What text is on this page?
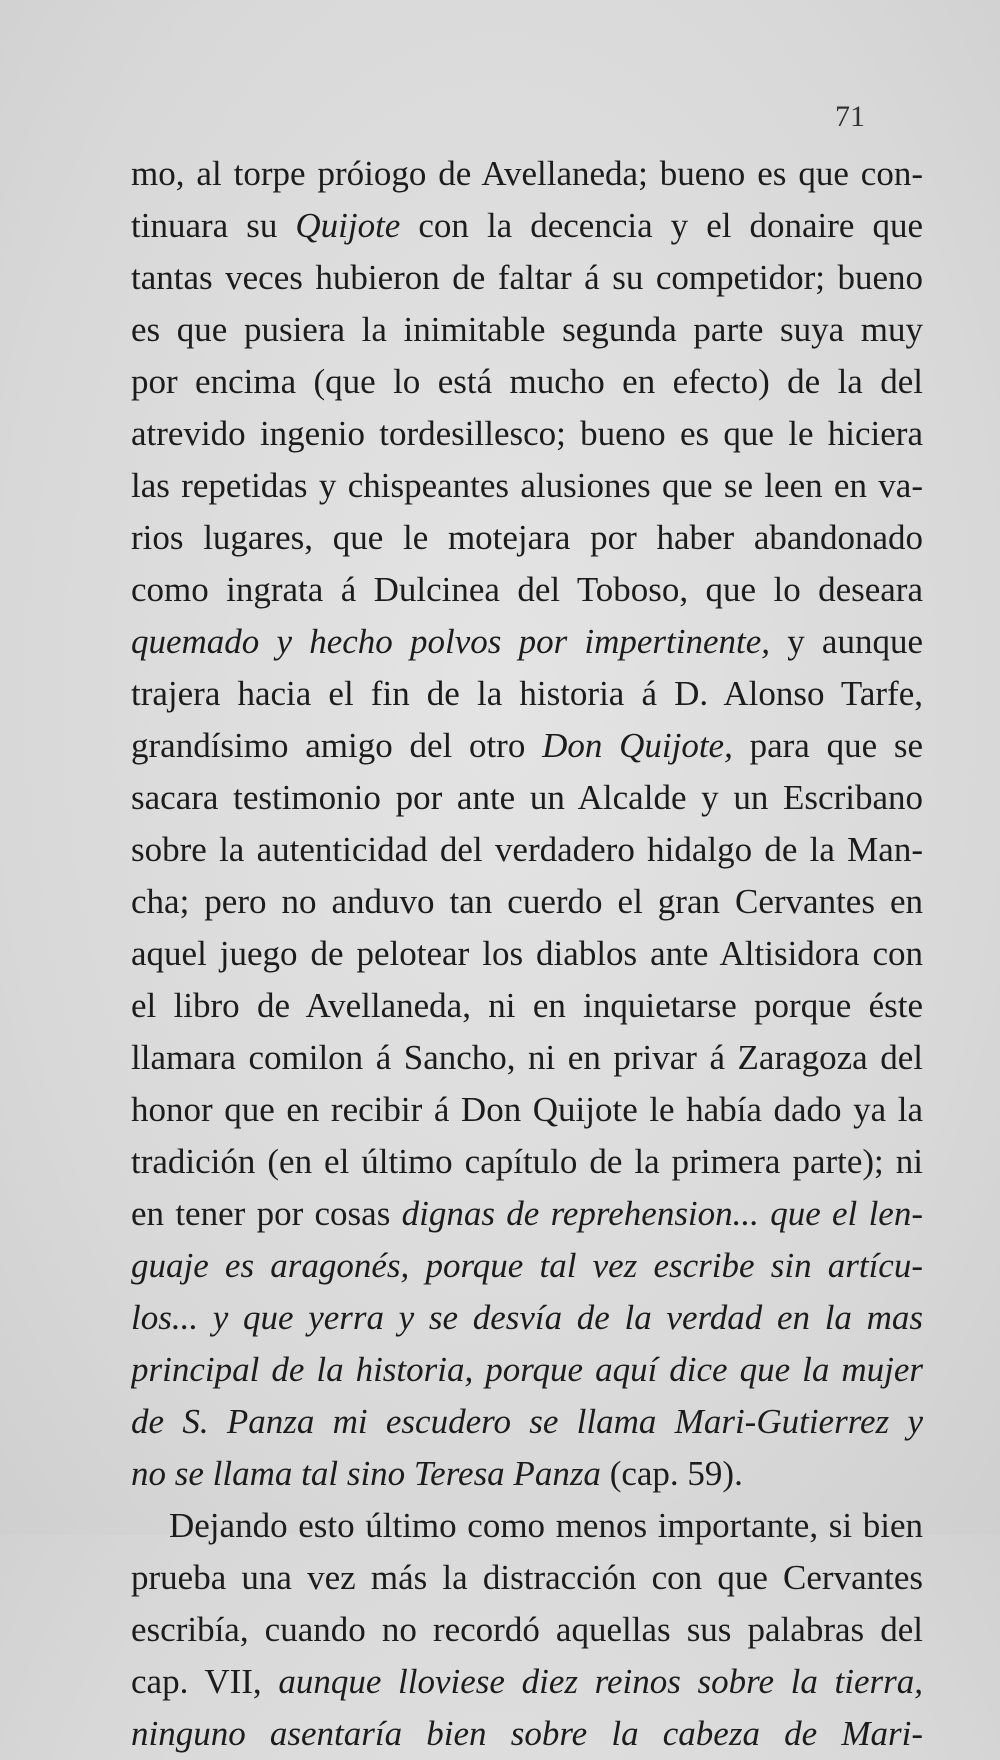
71
mo, al torpe próiogo de Avellaneda; bueno es que con-
tinuara su Quijote con la decencia y el donaire que
tantas veces hubieron de faltar á su competidor; bueno
es que pusiera la inimitable segunda parte suya muy
por encima (que lo está mucho en efecto) de la del
atrevido ingenio tordesillesco; bueno es que le hiciera
las repetidas y chispeantes alusiones que se leen en va-
rios lugares, que le motejara por haber abandonado
como ingrata á Dulcinea del Toboso, que lo deseara
quemado y hecho polvos por impertinente, y aunque
trajera hacia el fin de la historia á D. Alonso Tarfe,
grandísimo amigo del otro Don Quijote, para que se
sacara testimonio por ante un Alcalde y un Escribano
sobre la autenticidad del verdadero hidalgo de la Man-
cha; pero no anduvo tan cuerdo el gran Cervantes en
aquel juego de pelotear los diablos ante Altisidora con
el libro de Avellaneda, ni en inquietarse porque éste
llamara comilon á Sancho, ni en privar á Zaragoza del
honor que en recibir á Don Quijote le había dado ya la
tradición (en el último capítulo de la primera parte); ni
en tener por cosas dignas de reprehension... que el len-
guaje es aragonés, porque tal vez escribe sin artícu-
los... y que yerra y se desvía de la verdad en la mas
principal de la historia, porque aquí dice que la mujer
de S. Panza mi escudero se llama Mari-Gutierrez y
no se llama tal sino Teresa Panza (cap. 59).
Dejando esto último como menos importante, si bien
prueba una vez más la distracción con que Cervantes
escribía, cuando no recordó aquellas sus palabras del
cap. VII, aunque lloviese diez reinos sobre la tierra,
ninguno asentaría bien sobre la cabeza de Mari-
